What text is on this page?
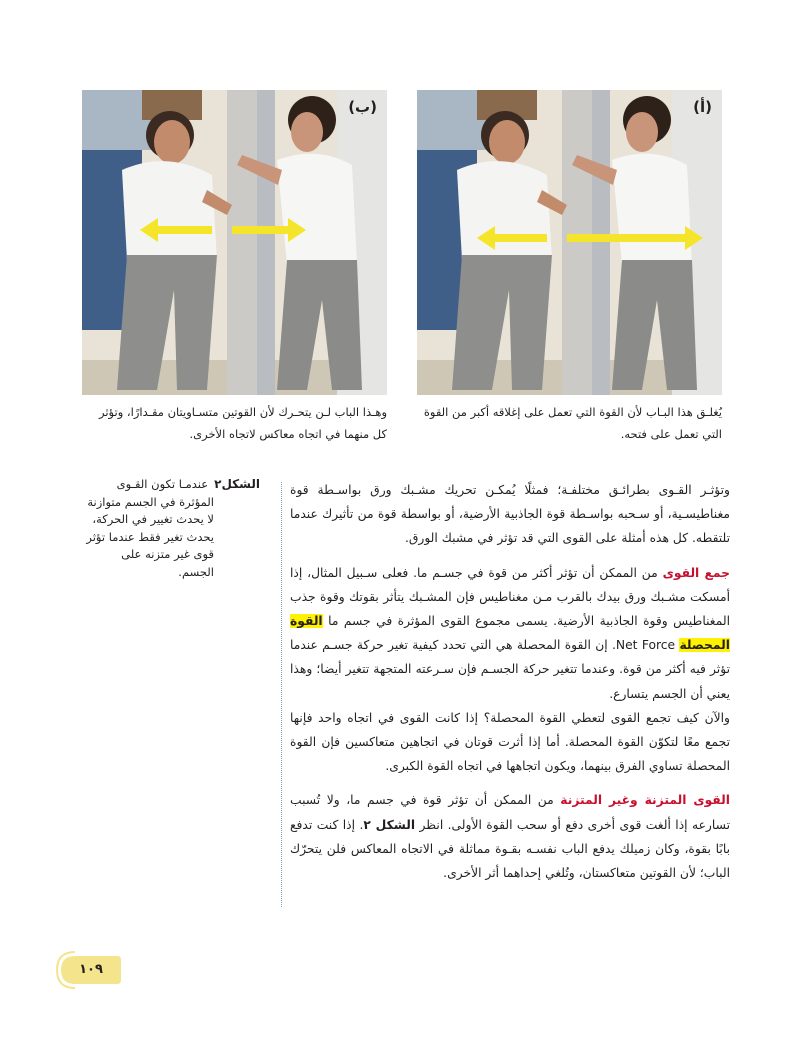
(ب)	(أ)
وهـذا الباب لـن يتحـرك لأن القوتين متسـاويتان مقـدارًا، وتؤثر كل منهما في اتجاه معاكس لاتجاه الأخرى.
يُغلـق هذا البـاب لأن القوة التي تعمل على إغلاقه أكبر من القوة التي تعمل على فتحه.
الشكل٢
عندمـا تكون القـوى المؤثرة في الجسم متوازنة لا يحدث تغيير في الحركة، يحدث تغير فقط عندما تؤثر قوى غير متزنه على الجسم.

وتؤثـر القـوى بطرائـق مختلفـة؛ فمثلًا يُمكـن تحريك مشـبك ورق بواسـطة قوة مغناطيسـية، أو سـحبه بواسـطة قوة الجاذبية الأرضية، أو بواسطة قوة من تأثيرك عندما تلتقطه. كل هذه أمثلة على القوى التي قد تؤثر في مشبك الورق.

جمع القوى من الممكن أن تؤثر أكثر من قوة في جسـم ما. فعلى سـبيل المثال، إذا أمسكت مشـبك ورق بيدك بالقرب مـن مغناطيس فإن المشـبك يتأثر بقوتك وقوة جذب المغناطيس وقوة الجاذبية الأرضية. يسمى مجموع القوى المؤثرة في جسم ما القوة المحصلة Net Force. إن القوة المحصلة هي التي تحدد كيفية تغير حركة جسـم عندما تؤثر فيه أكثر من قوة. وعندما تتغير حركة الجسـم فإن سـرعته المتجهة تتغير أيضا؛ وهذا يعني أن الجسم يتسارع.

والآن كيف تجمع القوى لتعطي القوة المحصلة؟ إذا كانت القوى في اتجاه واحد فإنها تجمع معًا لتكوّن القوة المحصلة. أما إذا أثرت قوتان في اتجاهين متعاكسين فإن القوة المحصلة تساوي الفرق بينهما، ويكون اتجاهها في اتجاه القوة الكبرى.

القوى المتزنة وغير المتزنة من الممكن أن تؤثر قوة في جسم ما، ولا تُسبب تسارعه إذا ألغت قوى أخرى دفع أو سحب القوة الأولى. انظر الشكل ٢. إذا كنت تدفع بابًا بقوة، وكان زميلك يدفع الباب نفسـه بقـوة مماثلة في الاتجاه المعاكس فلن يتحرّك الباب؛ لأن القوتين متعاكستان، وتُلغي إحداهما أثر الأخرى.

١٠٩
